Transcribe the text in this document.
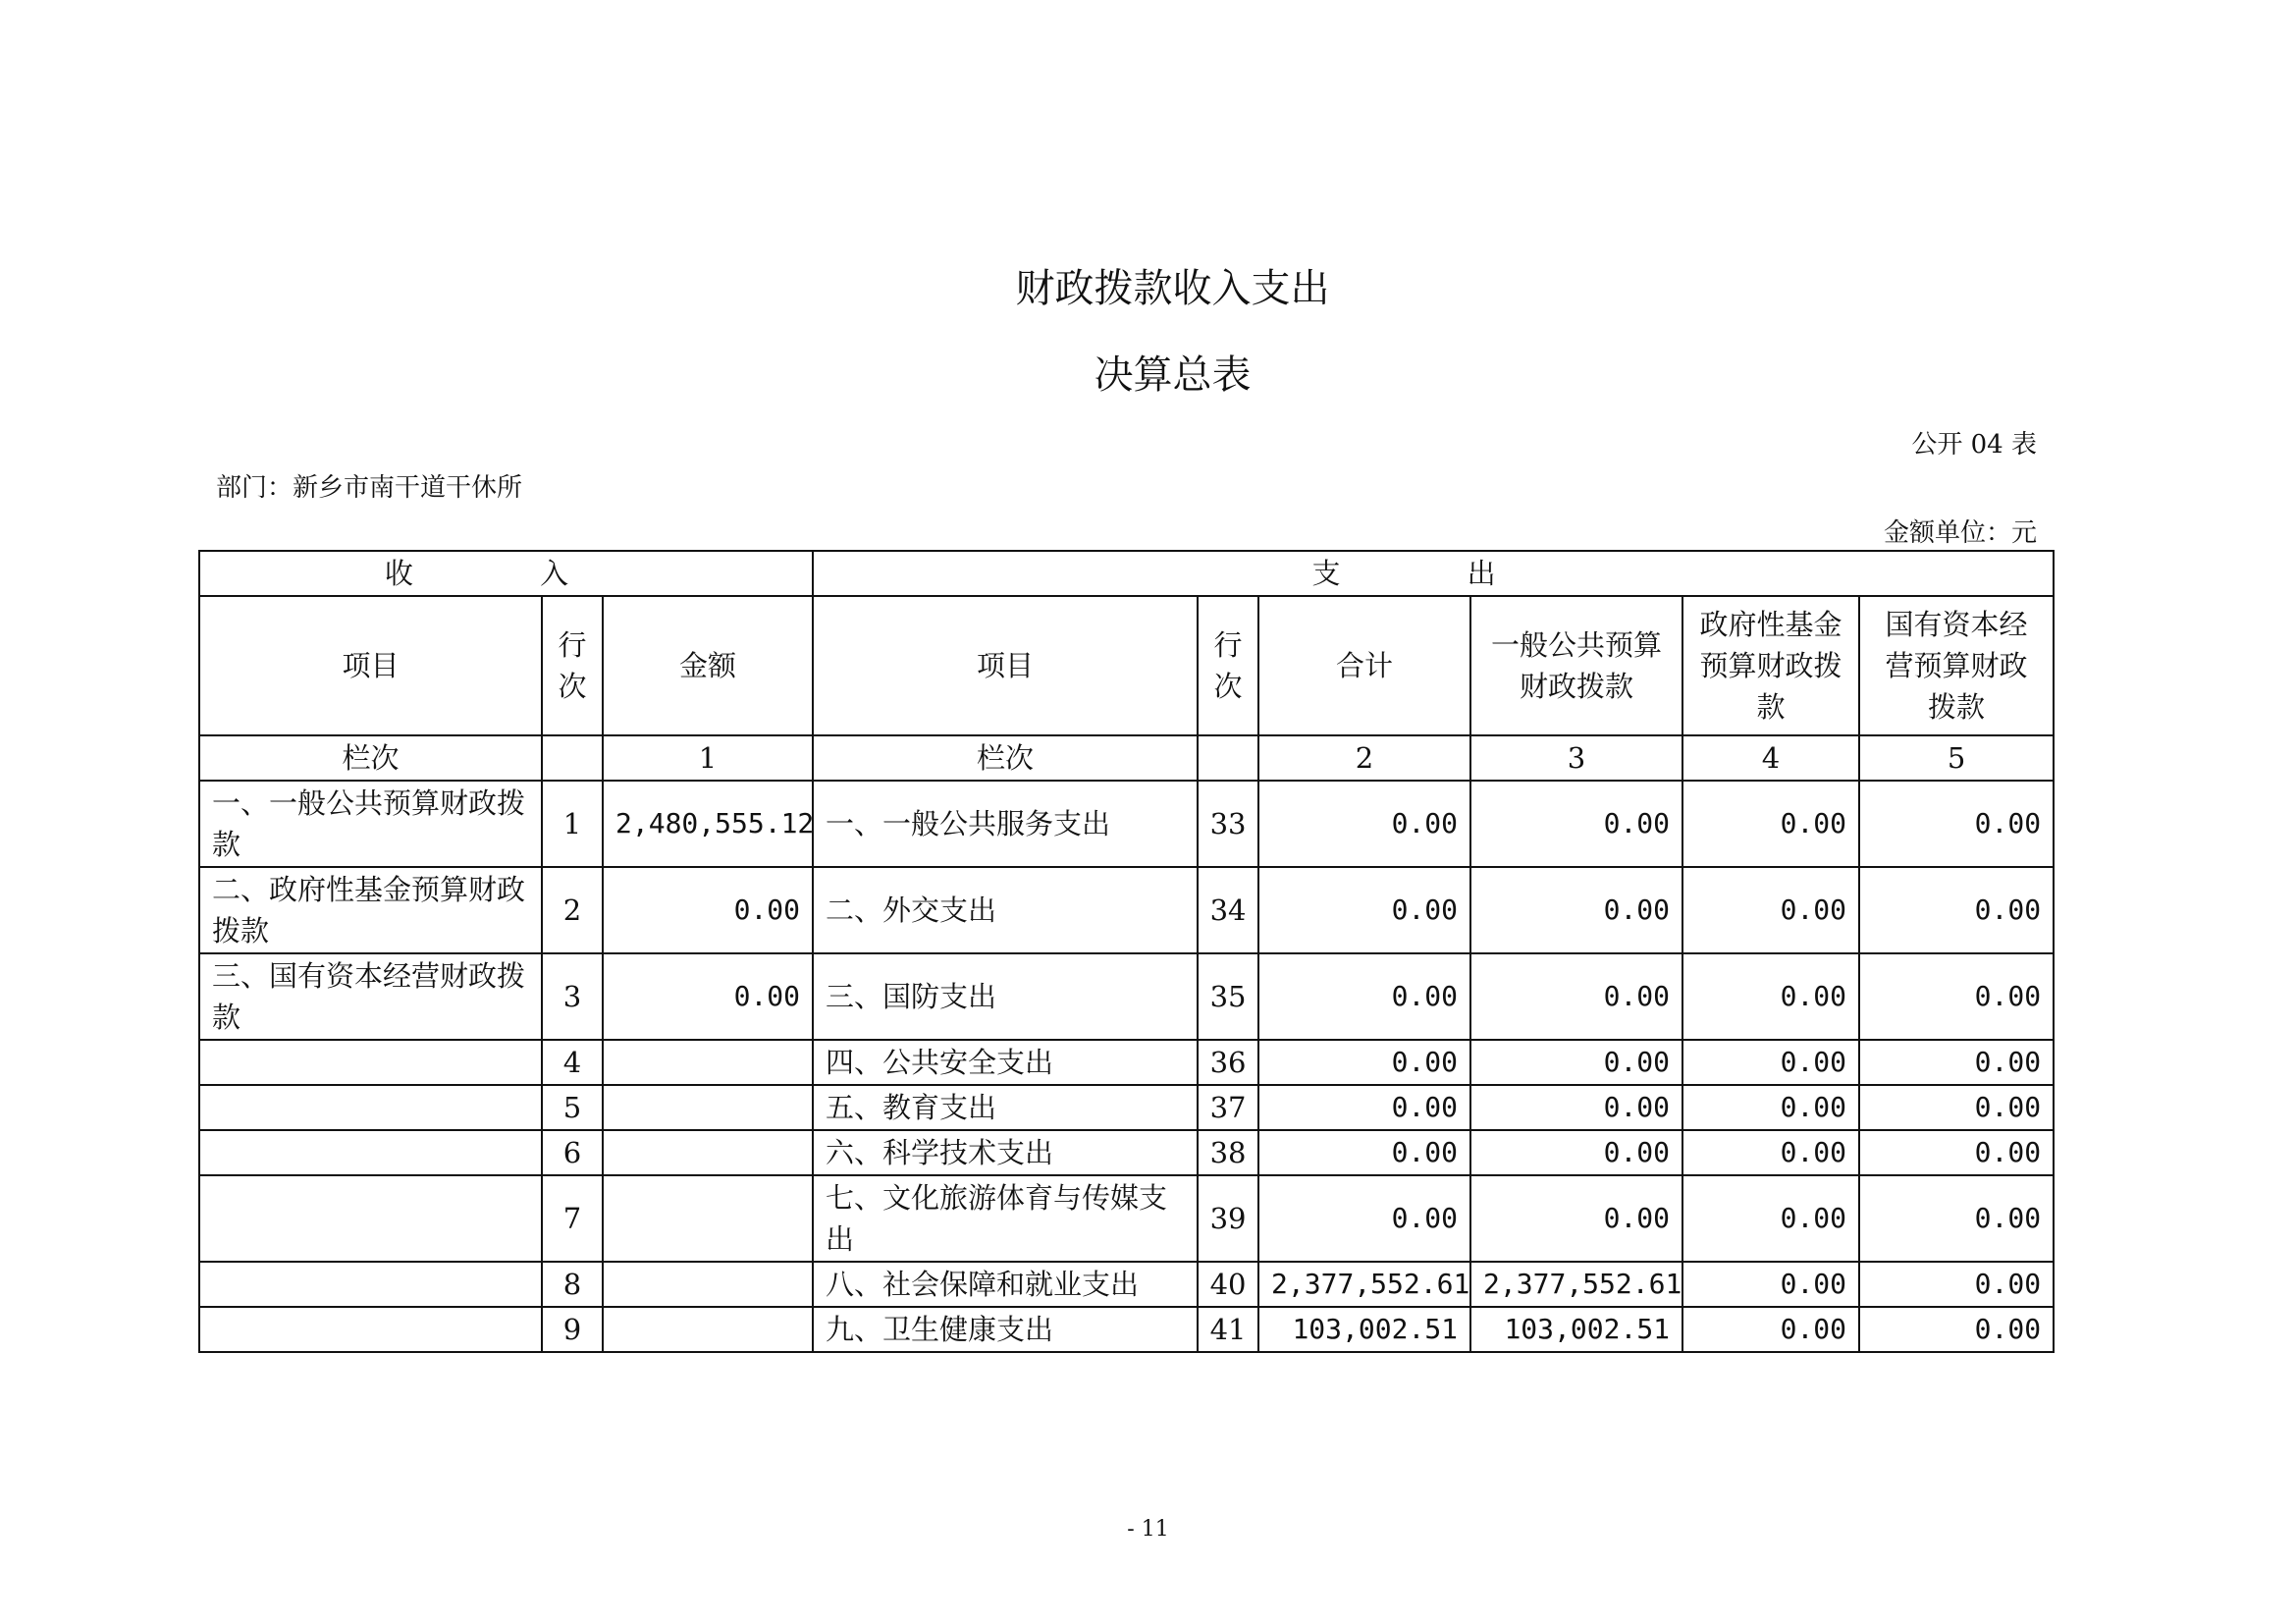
财政拨款收入支出
决算总表
公开 04 表
部门：新乡市南干道干休所
金额单位：元
收 入			支 出					
项目	行次	金额	项目	行次	合计	一般公共预算财政拨款	政府性基金预算财政拨款	国有资本经营预算财政拨款
栏次		1	栏次		2	3	4	5
一、一般公共预算财政拨款	1	2,480,555.12	一、一般公共服务支出	33	0.00	0.00	0.00	0.00
二、政府性基金预算财政拨款	2	0.00	二、外交支出	34	0.00	0.00	0.00	0.00
三、国有资本经营财政拨款	3	0.00	三、国防支出	35	0.00	0.00	0.00	0.00
	4		四、公共安全支出	36	0.00	0.00	0.00	0.00
	5		五、教育支出	37	0.00	0.00	0.00	0.00
	6		六、科学技术支出	38	0.00	0.00	0.00	0.00
	7		七、文化旅游体育与传媒支出	39	0.00	0.00	0.00	0.00
	8		八、社会保障和就业支出	40	2,377,552.61	2,377,552.61	0.00	0.00
	9		九、卫生健康支出	41	103,002.51	103,002.51	0.00	0.00
- 11
